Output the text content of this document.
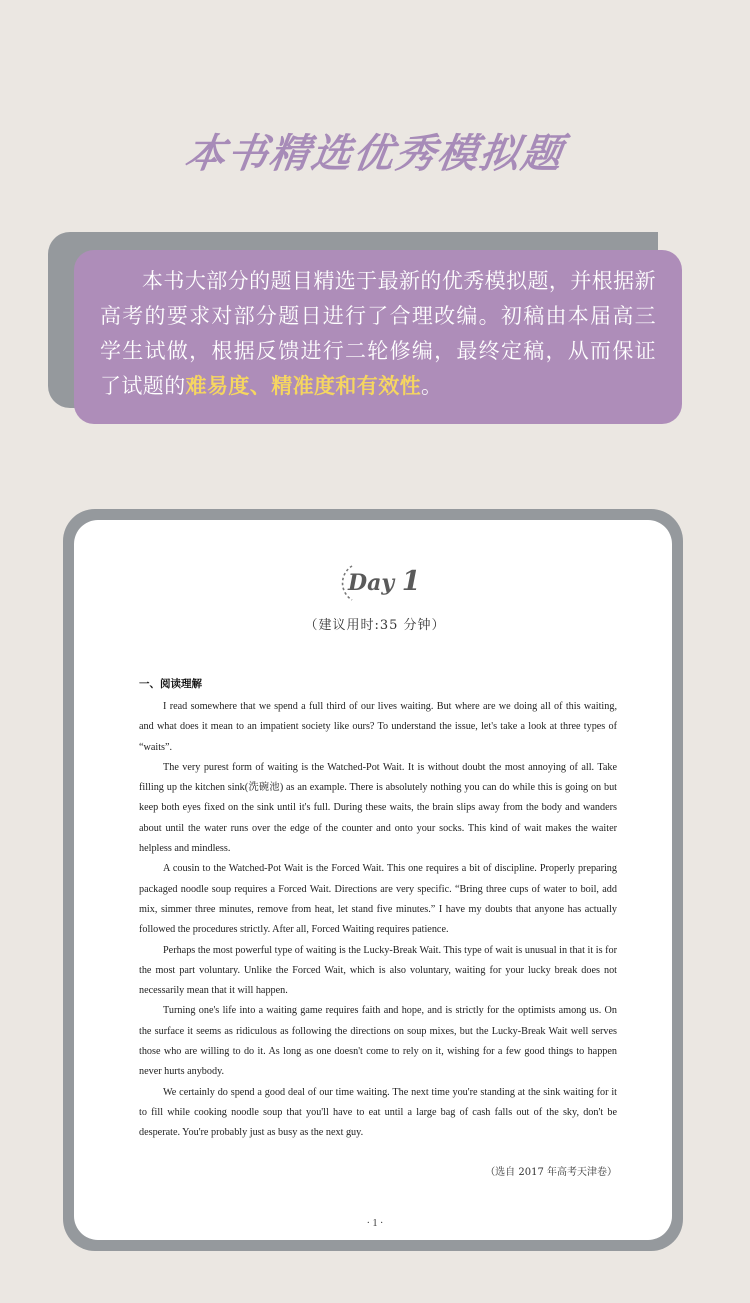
本书精选优秀模拟题

本书大部分的题目精选于最新的优秀模拟题，并根据新高考的要求对部分题日进行了合理改编。初稿由本届高三学生试做，根据反馈进行二轮修编，最终定稿，从而保证了试题的难易度、精准度和有效性。

Day 1
（建议用时:35 分钟）
一、阅读理解

I read somewhere that we spend a full third of our lives waiting. But where are we doing all of this waiting, and what does it mean to an impatient society like ours? To understand the issue, let's take a look at three types of “waits”.

The very purest form of waiting is the Watched-Pot Wait. It is without doubt the most annoying of all. Take filling up the kitchen sink(洗碗池) as an example. There is absolutely nothing you can do while this is going on but keep both eyes fixed on the sink until it's full. During these waits, the brain slips away from the body and wanders about until the water runs over the edge of the counter and onto your socks. This kind of wait makes the waiter helpless and mindless.

A cousin to the Watched-Pot Wait is the Forced Wait. This one requires a bit of discipline. Properly preparing packaged noodle soup requires a Forced Wait. Directions are very specific. “Bring three cups of water to boil, add mix, simmer three minutes, remove from heat, let stand five minutes.” I have my doubts that anyone has actually followed the procedures strictly. After all, Forced Waiting requires patience.

Perhaps the most powerful type of waiting is the Lucky-Break Wait. This type of wait is unusual in that it is for the most part voluntary. Unlike the Forced Wait, which is also voluntary, waiting for your lucky break does not necessarily mean that it will happen.

Turning one's life into a waiting game requires faith and hope, and is strictly for the optimists among us. On the surface it seems as ridiculous as following the directions on soup mixes, but the Lucky-Break Wait well serves those who are willing to do it. As long as one doesn't come to rely on it, wishing for a few good things to happen never hurts anybody.

We certainly do spend a good deal of our time waiting. The next time you're standing at the sink waiting for it to fill while cooking noodle soup that you'll have to eat until a large bag of cash falls out of the sky, don't be desperate. You're probably just as busy as the next guy.

（选自 2017 年高考天津卷）
· 1 ·
